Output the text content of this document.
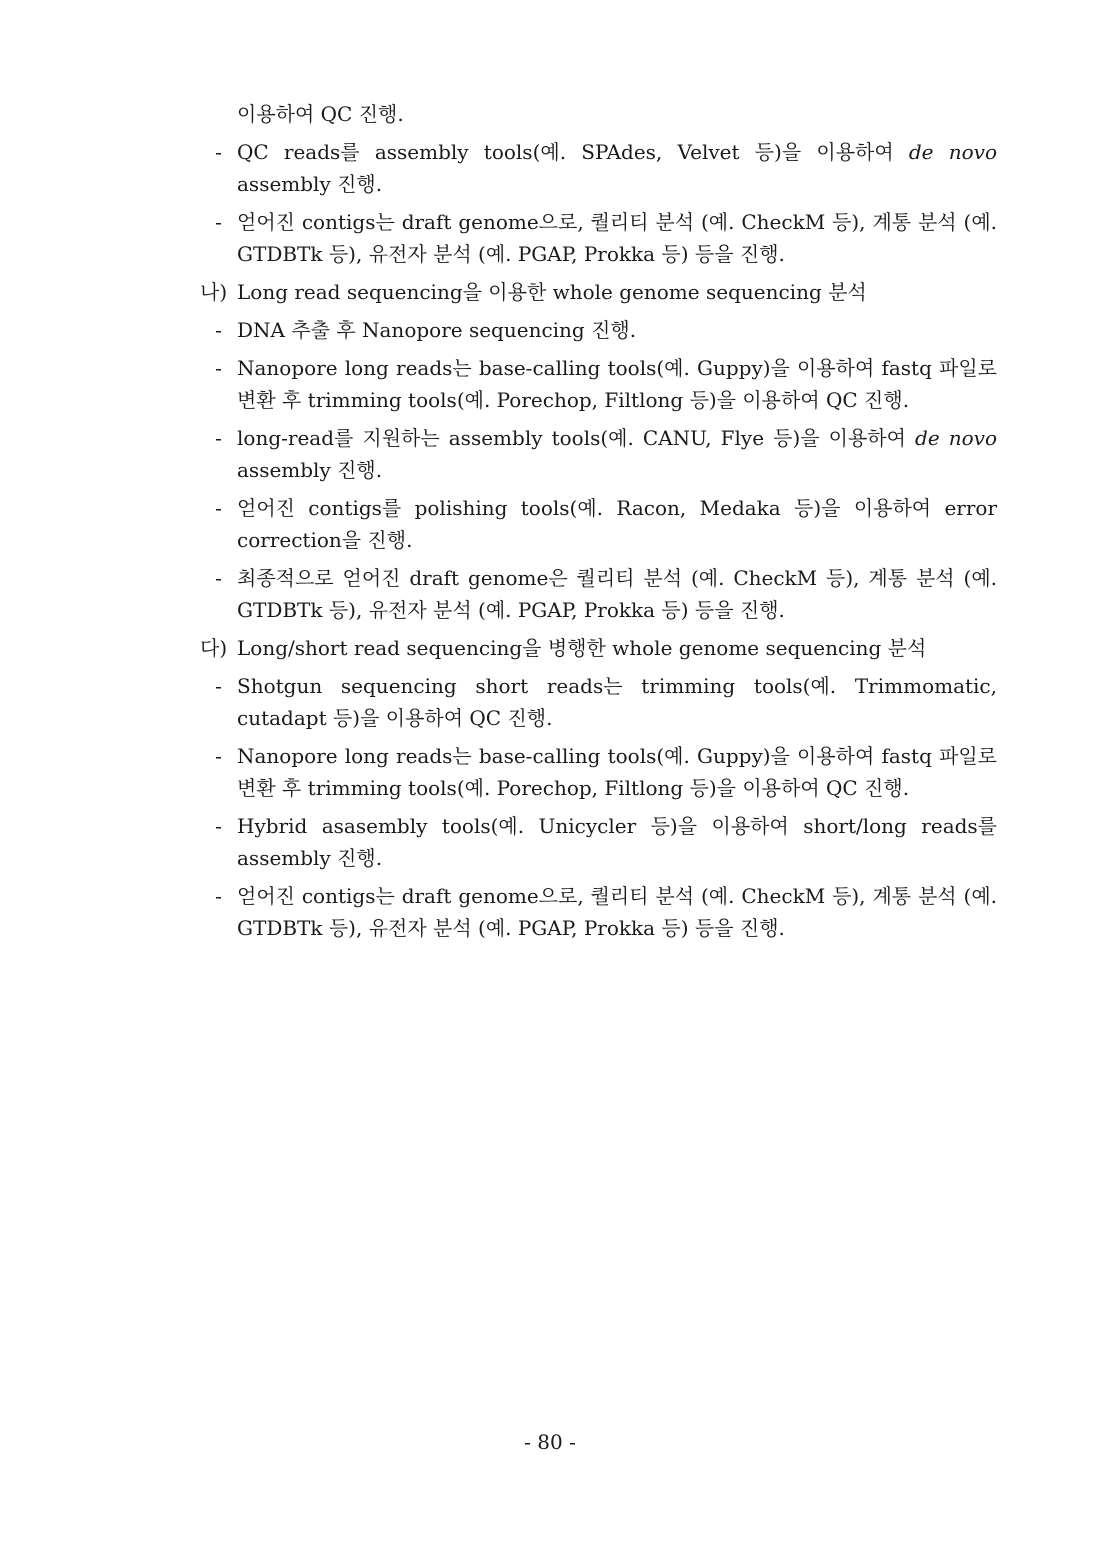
이용하여 QC 진행.
- QC reads를 assembly tools(예. SPAdes, Velvet 등)을 이용하여 de novo assembly 진행.
- 얻어진 contigs는 draft genome으로, 퀄리티 분석 (예. CheckM 등), 계통 분석 (예. GTDBTk 등), 유전자 분석 (예. PGAP, Prokka 등) 등을 진행.
나) Long read sequencing을 이용한 whole genome sequencing 분석
- DNA 추출 후 Nanopore sequencing 진행.
- Nanopore long reads는 base-calling tools(예. Guppy)을 이용하여 fastq 파일로 변환 후 trimming tools(예. Porechop, Filtlong 등)을 이용하여 QC 진행.
- long-read를 지원하는 assembly tools(예. CANU, Flye 등)을 이용하여 de novo assembly 진행.
- 얻어진 contigs를 polishing tools(예. Racon, Medaka 등)을 이용하여 error correction을 진행.
- 최종적으로 얻어진 draft genome은 퀄리티 분석 (예. CheckM 등), 계통 분석 (예. GTDBTk 등), 유전자 분석 (예. PGAP, Prokka 등) 등을 진행.
다) Long/short read sequencing을 병행한 whole genome sequencing 분석
- Shotgun sequencing short reads는 trimming tools(예. Trimmomatic, cutadapt 등)을 이용하여 QC 진행.
- Nanopore long reads는 base-calling tools(예. Guppy)을 이용하여 fastq 파일로 변환 후 trimming tools(예. Porechop, Filtlong 등)을 이용하여 QC 진행.
- Hybrid asasembly tools(예. Unicycler 등)을 이용하여 short/long reads를 assembly 진행.
- 얻어진 contigs는 draft genome으로, 퀄리티 분석 (예. CheckM 등), 계통 분석 (예. GTDBTk 등), 유전자 분석 (예. PGAP, Prokka 등) 등을 진행.
- 80 -
